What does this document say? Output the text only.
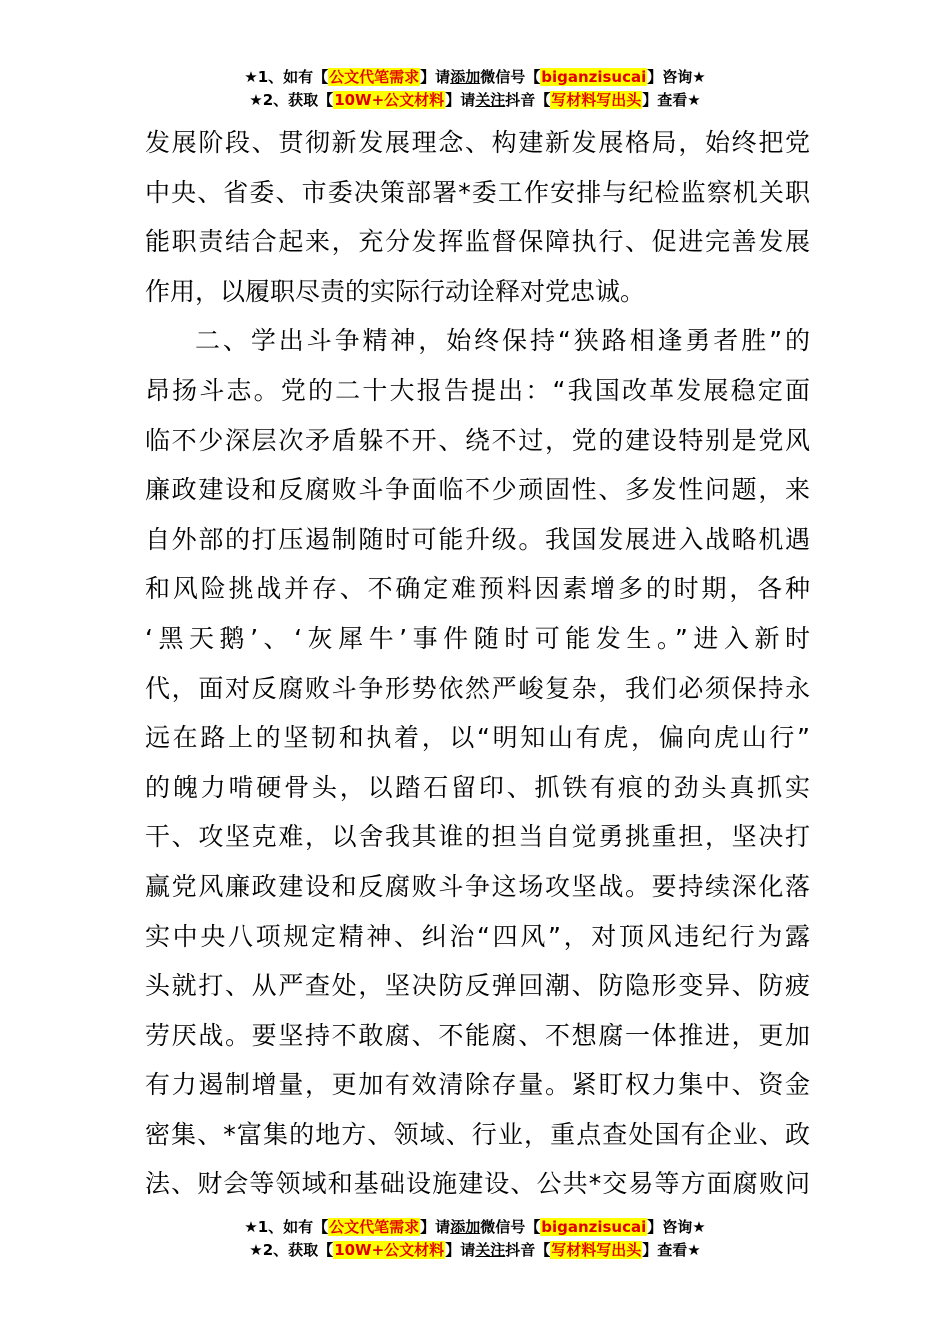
★1、如有【公文代笔需求】请添加微信号【biganzisucai】咨询★
★2、获取【10W+公文材料】请关注抖音【写材料写出头】查看★
发展阶段、贯彻新发展理念、构建新发展格局，始终把党
中央、省委、市委决策部署*委工作安排与纪检监察机关职
能职责结合起来，充分发挥监督保障执行、促进完善发展
作用，以履职尽责的实际行动诠释对党忠诚。
二、学出斗争精神，始终保持“狭路相逢勇者胜”的
昂扬斗志。党的二十大报告提出：“我国改革发展稳定面
临不少深层次矛盾躲不开、绕不过，党的建设特别是党风
廉政建设和反腐败斗争面临不少顽固性、多发性问题，来
自外部的打压遏制随时可能升级。我国发展进入战略机遇
和风险挑战并存、不确定难预料因素增多的时期，各种
‘黑天鹅’、‘灰犀牛’事件随时可能发生。”进入新时
代，面对反腐败斗争形势依然严峻复杂，我们必须保持永
远在路上的坚韧和执着，以“明知山有虎，偏向虎山行”
的魄力啃硬骨头，以踏石留印、抓铁有痕的劲头真抓实
干、攻坚克难，以舍我其谁的担当自觉勇挑重担，坚决打
赢党风廉政建设和反腐败斗争这场攻坚战。要持续深化落
实中央八项规定精神、纠治“四风”，对顶风违纪行为露
头就打、从严查处，坚决防反弹回潮、防隐形变异、防疲
劳厌战。要坚持不敢腐、不能腐、不想腐一体推进，更加
有力遏制增量，更加有效清除存量。紧盯权力集中、资金
密集、*富集的地方、领域、行业，重点查处国有企业、政
法、财会等领域和基础设施建设、公共*交易等方面腐败问
★1、如有【公文代笔需求】请添加微信号【biganzisucai】咨询★
★2、获取【10W+公文材料】请关注抖音【写材料写出头】查看★
